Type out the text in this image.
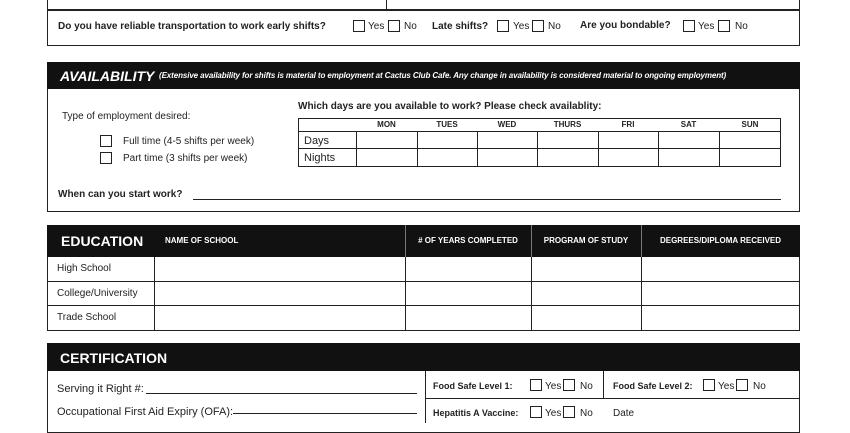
Do you have reliable transportation to work early shifts?	Yes No Late shifts? Yes No Are you bondable?	Yes No
AVAILABILITY (Extensive availability for shifts is material to employment at Cactus Club Cafe. Any change in availability is considered material to ongoing employment)
Type of employment desired:
Full time (4-5 shifts per week)
Part time (3 shifts per week)
Which days are you available to work? Please check availablity:
MON	TUES	WED	THURS	FRI	SAT	SUN
Days
Nights
When can you start work?
EDUCATION	NAME OF SCHOOL	# OF YEARS COMPLETED	PROGRAM OF STUDY	DEGREES/DIPLOMA RECEIVED
High School
College/University
Trade School
CERTIFICATION
Serving it Right #:
Occupational First Aid Expiry (OFA):
Food Safe Level 1:	Yes No Food Safe Level 2:	Yes No
Hepatitis A Vaccine:	Yes No Date
